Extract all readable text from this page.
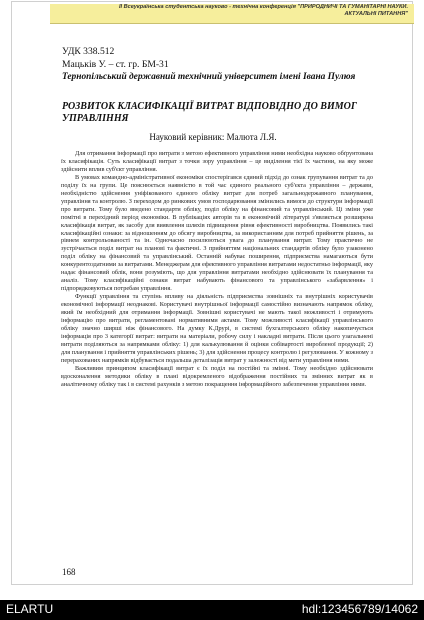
II Всеукраїнська студентська науково - технічна конференція "ПРИРОДНИЧІ ТА ГУМАНІТАРНІ НАУКИ.
АКТУАЛЬНІ ПИТАННЯ"
УДК 338.512
Мацьків У. – ст. гр. БМ-31
Тернопільський державний технічний університет імені Івана Пулюя
РОЗВИТОК КЛАСИФІКАЦІЇ ВИТРАТ ВІДПОВІДНО ДО ВИМОГ УПРАВЛІННЯ
Науковий керівник: Малюта Л.Я.

Для отримання інформації про витрати з метою ефективного управління ними необхідна науково обґрунтована їх класифікація. Суть класифікації витрат з точки зору управління – це виділення тієї їх частини, на яку може здійснити вплив суб'єкт управління.

В умовах командно-адміністративної економіки спостерігався єдиний підхід до ознак групування витрат та до поділу їх на групи. Це пояснюється наявністю в той час єдиного реального суб'єкта управління – держави, необхідністю здійснення уніфікованого єдиного обліку витрат для потреб загальнодержавного планування, управління та контролю. З переходом до ринкових умов господарювання змінились вимоги до структури інформації про витрати. Тому було введено стандарти обліку, поділ обліку на фінансовий та управлінський. Ці зміни уже помітні в перехідний період економіки. В публікаціях авторів та в економічній літературі з'являється розширена класифікація витрат, як засобу для виявлення шляхів підвищення рівня ефективності виробництва. Появились такі класифікаційні ознаки: за відношенням до обсягу виробництва, за використанням для потреб прийняття рішень, за рівнем контрольованості та ін. Одночасно посилюються увага до планування витрат. Тому практично не зустрічається поділ витрат на планові та фактичні. З прийняттям національних стандартів обліку було узаконено поділ обліку на фінансовий та управлінський. Останній набуває поширення, підприємства намагаються бути конкурентоздатними за витратами. Менеджерам для ефективного управління витратами недостатньо інформації, яку надає фінансовий облік, вони розуміють, що для управління витратами необхідно здійснювати їх планування та аналіз. Тому класифікаційні ознаки витрат набувають фінансового та управлінського «забарвлення» і підпорядковуються потребам управління.

Функції управління та ступінь впливу на діяльність підприємства зовнішніх та внутрішніх користувачів економічної інформації неоднакові. Користувачі внутрішньої інформації самостійно визначають напрямок обліку, який їм необхідний для отримання інформації. Зовнішні користувачі не мають такої можливості і отримують інформацію про витрати, регламентовані нормативними актами. Тому можливості класифікації управлінського обліку значно ширші ніж фінансового. На думку К.Друрі, в системі бухгалтерського обліку накопичується інформація про 3 категорії витрат: витрати на матеріали, робочу силу і накладні витрати. Після цього узагальнені витрати поділяються за напрямками обліку: 1) для калькулювання й оцінки собівартості виробленої продукції; 2) для планування і прийняття управлінських рішень; 3) для здійснення процесу контролю і регулювання. У кожному з перерахованих напрямків відбувається подальша деталізація витрат у залежності від мети управління ними.

Важливим принципом класифікації витрат є їх поділ на постійні та змінні. Тому необхідно здійснювати вдосконалення методики обліку в плані відокремленого відображення постійних та змінних витрат як в аналітичному обліку так і в системі рахунків з метою покращення інформаційного забезпечення управління ними.

168
ELARTU	hdl:123456789/14062
